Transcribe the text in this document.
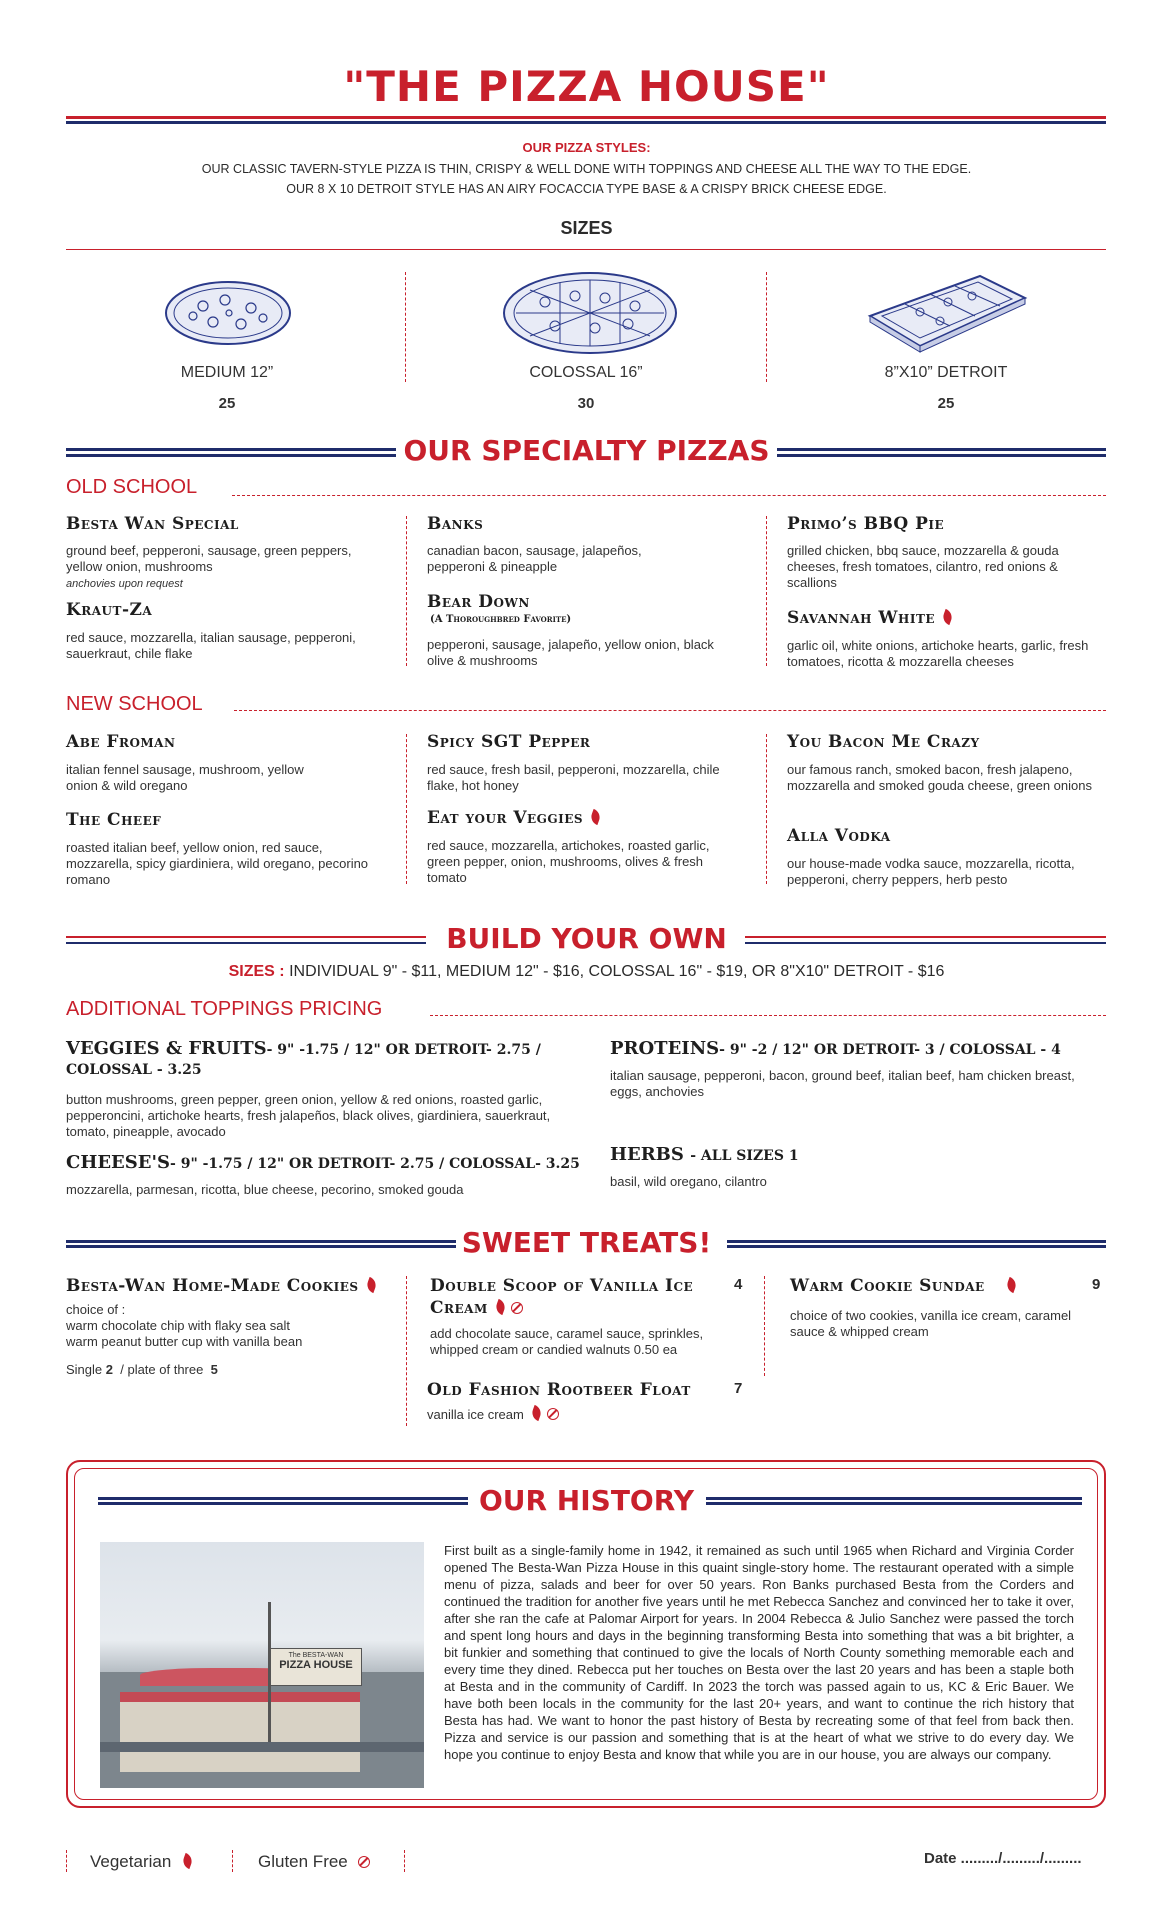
"THE PIZZA HOUSE"
OUR PIZZA STYLES:
OUR CLASSIC TAVERN-STYLE PIZZA IS THIN, CRISPY & WELL DONE WITH TOPPINGS AND CHEESE ALL THE WAY TO THE EDGE.
OUR 8 X 10 DETROIT STYLE HAS AN AIRY FOCACCIA TYPE BASE & A CRISPY BRICK CHEESE EDGE.
SIZES
MEDIUM 12”
25
COLOSSAL 16”
30
8”X10” DETROIT
25
OUR SPECIALTY PIZZAS
OLD SCHOOL
Besta Wan Special
ground beef, pepperoni, sausage, green peppers, yellow onion, mushrooms
anchovies upon request
Kraut-Za
red sauce, mozzarella, italian sausage, pepperoni, sauerkraut, chile flake
Banks
canadian bacon, sausage, jalapeños, pepperoni & pineapple
Bear Down
(A Thoroughbred Favorite)
pepperoni, sausage, jalapeño, yellow onion, black olive & mushrooms
Primo’s BBQ Pie
grilled chicken, bbq sauce, mozzarella & gouda cheeses, fresh tomatoes, cilantro, red onions & scallions
Savannah White
garlic oil, white onions, artichoke hearts, garlic, fresh tomatoes, ricotta & mozzarella cheeses
NEW SCHOOL
Abe Froman
italian fennel sausage, mushroom, yellow onion & wild oregano
The Cheef
roasted italian beef, yellow onion, red sauce, mozzarella, spicy giardiniera, wild oregano, pecorino romano
Spicy SGT Pepper
red sauce, fresh basil, pepperoni, mozzarella, chile flake, hot honey
Eat your Veggies
red sauce, mozzarella, artichokes, roasted garlic, green pepper, onion, mushrooms, olives & fresh tomato
You Bacon Me Crazy
our famous ranch, smoked bacon, fresh jalapeno, mozzarella and smoked gouda cheese, green onions
Alla Vodka
our house-made vodka sauce, mozzarella, ricotta, pepperoni, cherry peppers, herb pesto
BUILD YOUR OWN
SIZES : INDIVIDUAL 9" - $11, MEDIUM 12" - $16, COLOSSAL 16" - $19, OR 8"X10" DETROIT - $16
ADDITIONAL TOPPINGS PRICING
VEGGIES & FRUITS- 9" -1.75 / 12" OR DETROIT- 2.75 /
COLOSSAL - 3.25
button mushrooms, green pepper, green onion, yellow & red onions, roasted garlic, pepperoncini, artichoke hearts, fresh jalapeños, black olives, giardiniera, sauerkraut, tomato, pineapple, avocado
CHEESE'S- 9" -1.75 / 12" OR DETROIT- 2.75 / COLOSSAL- 3.25
mozzarella, parmesan, ricotta, blue cheese, pecorino, smoked gouda
PROTEINS- 9" -2 / 12" OR DETROIT- 3 / COLOSSAL - 4
italian sausage, pepperoni, bacon, ground beef, italian beef, ham chicken breast, eggs, anchovies
HERBS - ALL SIZES 1
basil, wild oregano, cilantro
SWEET TREATS!
Besta-Wan Home-Made Cookies
choice of :
warm chocolate chip with flaky sea salt
warm peanut butter cup with vanilla bean
Single 2 / plate of three 5
Double Scoop of Vanilla Ice
Cream
4
add chocolate sauce, caramel sauce, sprinkles, whipped cream or candied walnuts 0.50 ea
Old Fashion Rootbeer Float	7
vanilla ice cream
Warm Cookie Sundae	9
choice of two cookies, vanilla ice cream, caramel sauce & whipped cream
OUR HISTORY
The BESTA-WAN
PIZZA HOUSE
First built as a single-family home in 1942, it remained as such until 1965 when Richard and Virginia Corder opened The Besta-Wan Pizza House in this quaint single-story home. The restaurant operated with a simple menu of pizza, salads and beer for over 50 years. Ron Banks purchased Besta from the Corders and continued the tradition for another five years until he met Rebecca Sanchez and convinced her to take it over, after she ran the cafe at Palomar Airport for years. In 2004 Rebecca & Julio Sanchez were passed the torch and spent long hours and days in the beginning transforming Besta into something that was a bit brighter, a bit funkier and something that continued to give the locals of North County something memorable each and every time they dined. Rebecca put her touches on Besta over the last 20 years and has been a staple both at Besta and in the community of Cardiff. In 2023 the torch was passed again to us, KC & Eric Bauer. We have both been locals in the community for the last 20+ years, and want to continue the rich history that Besta has had. We want to honor the past history of Besta by recreating some of that feel from back then. Pizza and service is our passion and something that is at the heart of what we strive to do every day. We hope you continue to enjoy Besta and know that while you are in our house, you are always our company.
Vegetarian	Gluten Free	Date ........./........./.........
